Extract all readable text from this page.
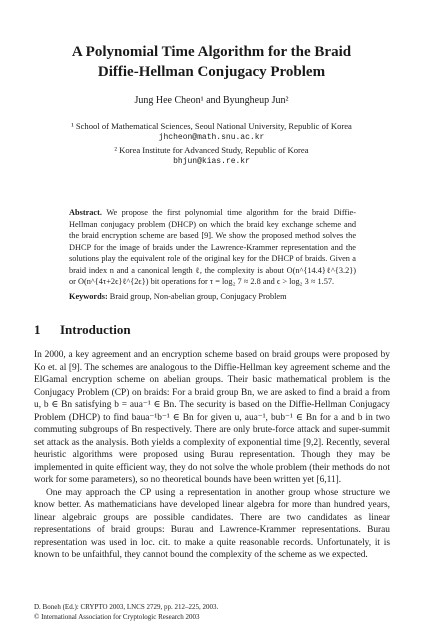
A Polynomial Time Algorithm for the Braid
Diffie-Hellman Conjugacy Problem
Jung Hee Cheon¹ and Byungheup Jun²
¹ School of Mathematical Sciences, Seoul National University, Republic of Korea
jhcheon@math.snu.ac.kr
² Korea Institute for Advanced Study, Republic of Korea
bhjun@kias.re.kr
Abstract. We propose the first polynomial time algorithm for the braid Diffie-Hellman conjugacy problem (DHCP) on which the braid key exchange scheme and the braid encryption scheme are based [9]. We show the proposed method solves the DHCP for the image of braids under the Lawrence-Krammer representation and the solutions play the equivalent role of the original key for the DHCP of braids. Given a braid index n and a canonical length ℓ, the complexity is about O(n^{14.4}ℓ^{3.2}) or O(n^{4τ+2ϵ}ℓ^{2ϵ}) bit operations for τ = log₂ 7 ≈ 2.8 and ϵ > log₂ 3 ≈ 1.57.
Keywords: Braid group, Non-abelian group, Conjugacy Problem
1 Introduction

In 2000, a key agreement and an encryption scheme based on braid groups were proposed by Ko et. al [9]. The schemes are analogous to the Diffie-Hellman key agreement scheme and the ElGamal encryption scheme on abelian groups. Their basic mathematical problem is the Conjugacy Problem (CP) on braids: For a braid group Bn, we are asked to find a braid a from u, b ∈ Bn satisfying b = aua⁻¹ ∈ Bn. The security is based on the Diffie-Hellman Conjugacy Problem (DHCP) to find baua⁻¹b⁻¹ ∈ Bn for given u, aua⁻¹, bub⁻¹ ∈ Bn for a and b in two commuting subgroups of Bn respectively. There are only brute-force attack and super-summit set attack as the analysis. Both yields a complexity of exponential time [9,2]. Recently, several heuristic algorithms were proposed using Burau representation. Though they may be implemented in quite efficient way, they do not solve the whole problem (their methods do not work for some parameters), so no theoretical bounds have been written yet [6,11].

One may approach the CP using a representation in another group whose structure we know better. As mathematicians have developed linear algebra for more than hundred years, linear algebraic groups are possible candidates. There are two candidates as linear representations of braid groups: Burau and Lawrence-Krammer representations. Burau representation was used in loc. cit. to make a quite reasonable records. Unfortunately, it is known to be unfaithful, they cannot bound the complexity of the scheme as we expected.

D. Boneh (Ed.): CRYPTO 2003, LNCS 2729, pp. 212–225, 2003.
© International Association for Cryptologic Research 2003
